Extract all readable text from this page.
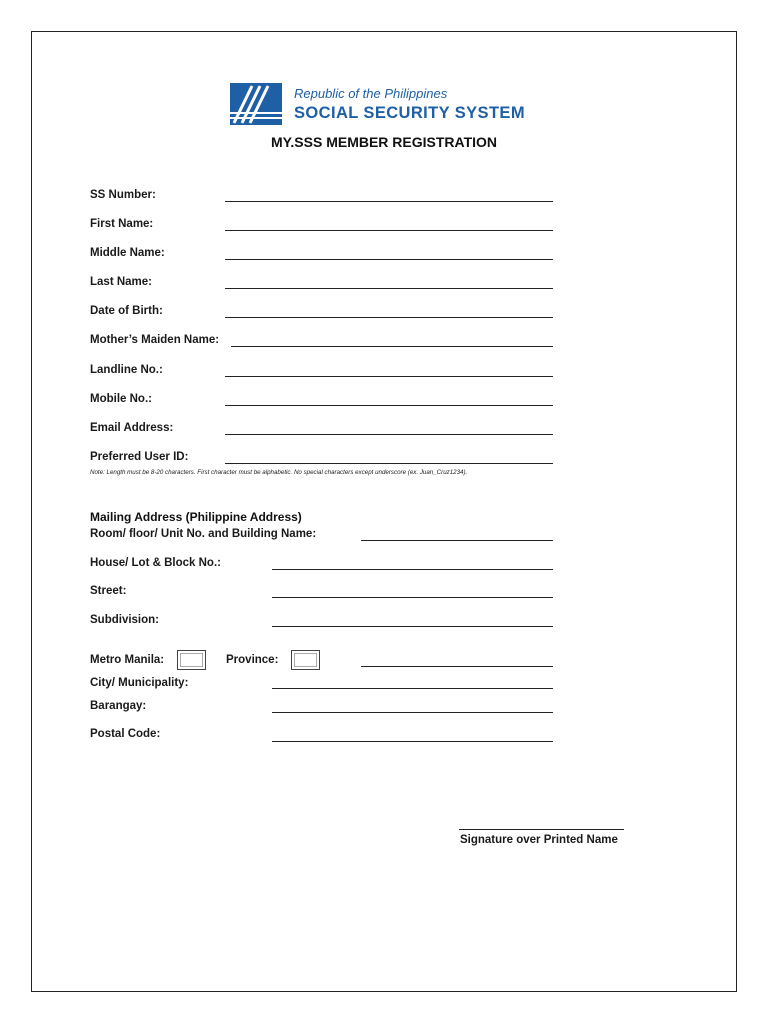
Republic of the Philippines
SOCIAL SECURITY SYSTEM
MY.SSS MEMBER REGISTRATION
SS Number:
First Name:
Middle Name:
Last Name:
Date of Birth:
Mother’s Maiden Name:
Landline No.:
Mobile No.:
Email Address:
Preferred User ID:
Note: Length must be 8-20 characters. First character must be alphabetic. No special characters except underscore (ex. Juan_Cruz1234).
Mailing Address (Philippine Address)
Room/ floor/ Unit No. and Building Name:
House/ Lot & Block No.:
Street:
Subdivision:
Metro Manila:	Province:
City/ Municipality:
Barangay:
Postal Code:
Signature over Printed Name
